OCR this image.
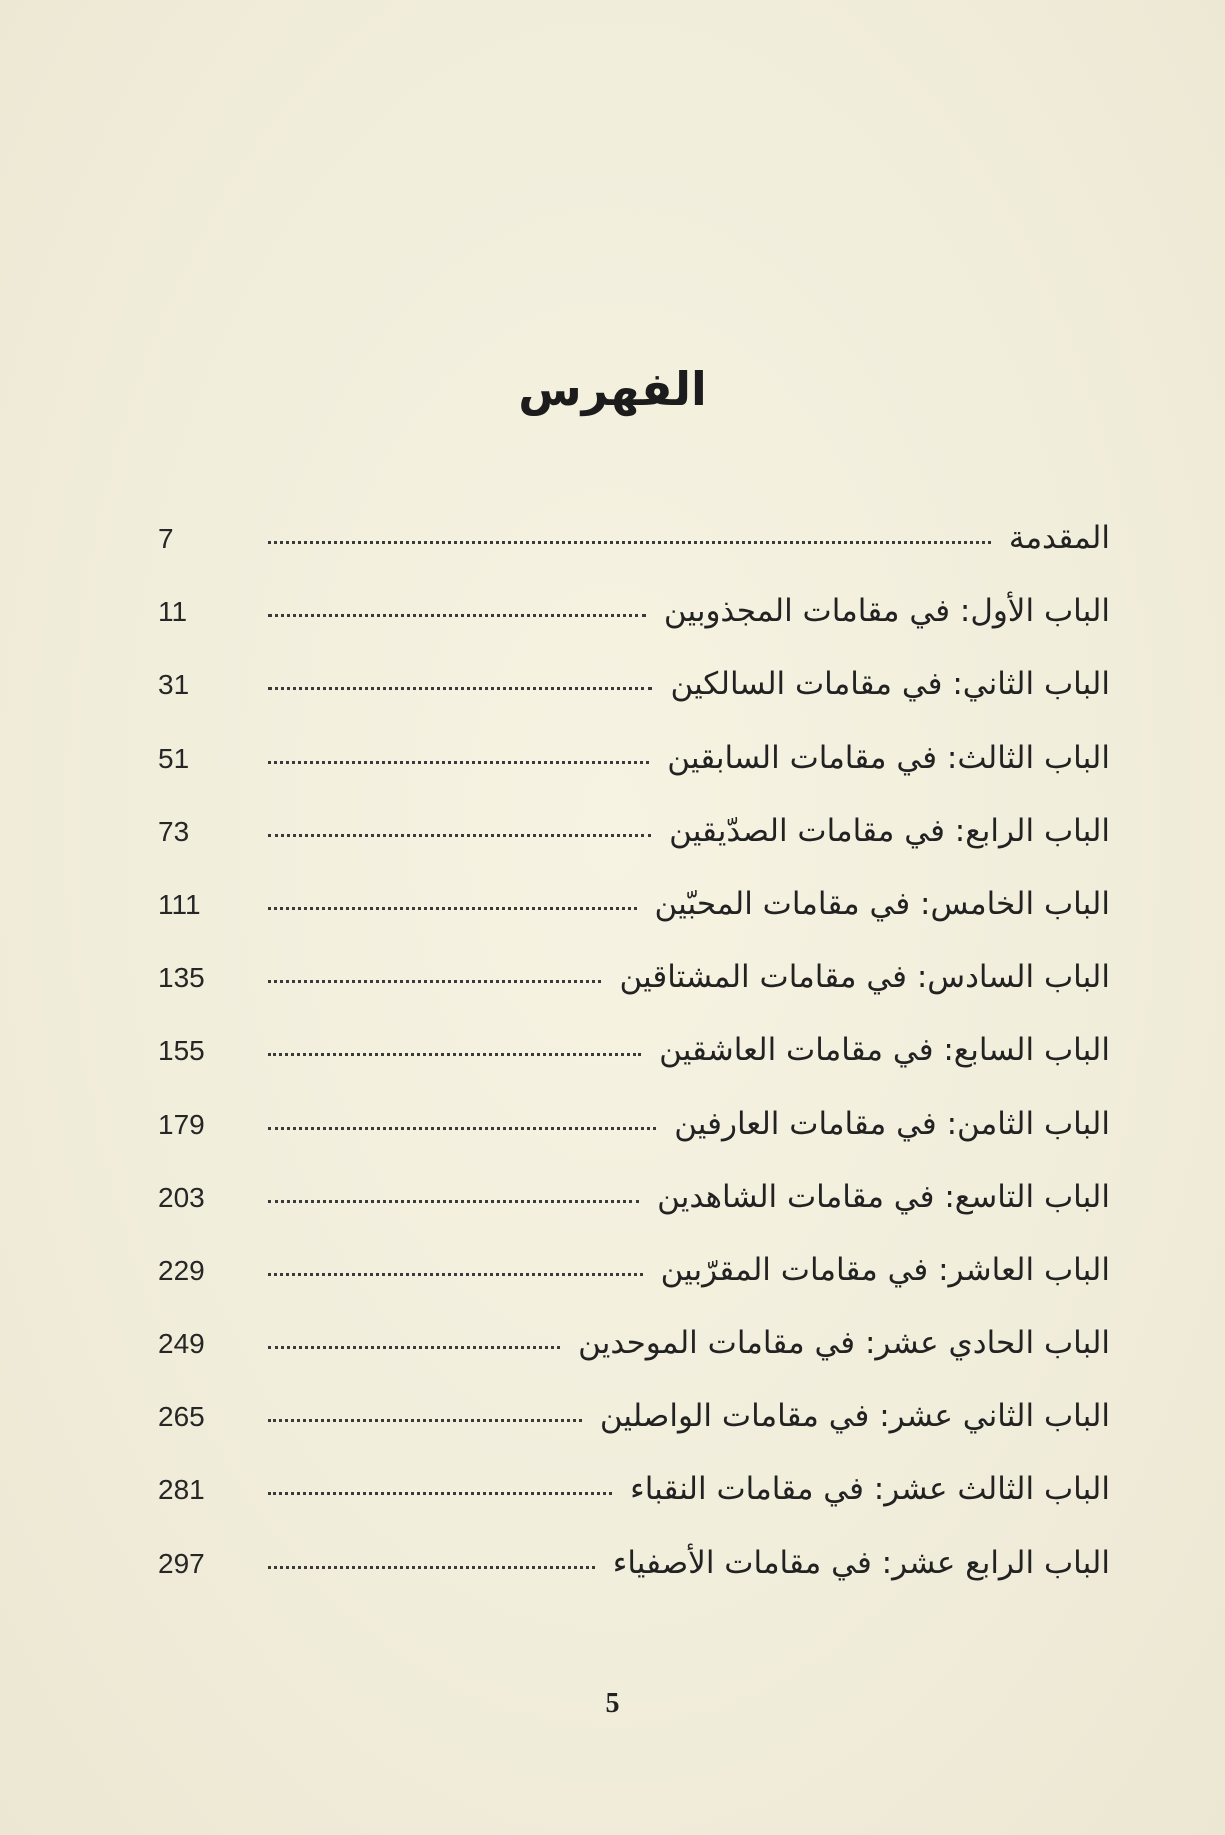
الفهرس
7	المقدمة
11	الباب الأول: في مقامات المجذوبين
31	الباب الثاني: في مقامات السالكين
51	الباب الثالث: في مقامات السابقين
73	الباب الرابع: في مقامات الصدّيقين
111	الباب الخامس: في مقامات المحبّين
135	الباب السادس: في مقامات المشتاقين
155	الباب السابع: في مقامات العاشقين
179	الباب الثامن: في مقامات العارفين
203	الباب التاسع: في مقامات الشاهدين
229	الباب العاشر: في مقامات المقرّبين
249	الباب الحادي عشر: في مقامات الموحدين
265	الباب الثاني عشر: في مقامات الواصلين
281	الباب الثالث عشر: في مقامات النقباء
297	الباب الرابع عشر: في مقامات الأصفياء
5
